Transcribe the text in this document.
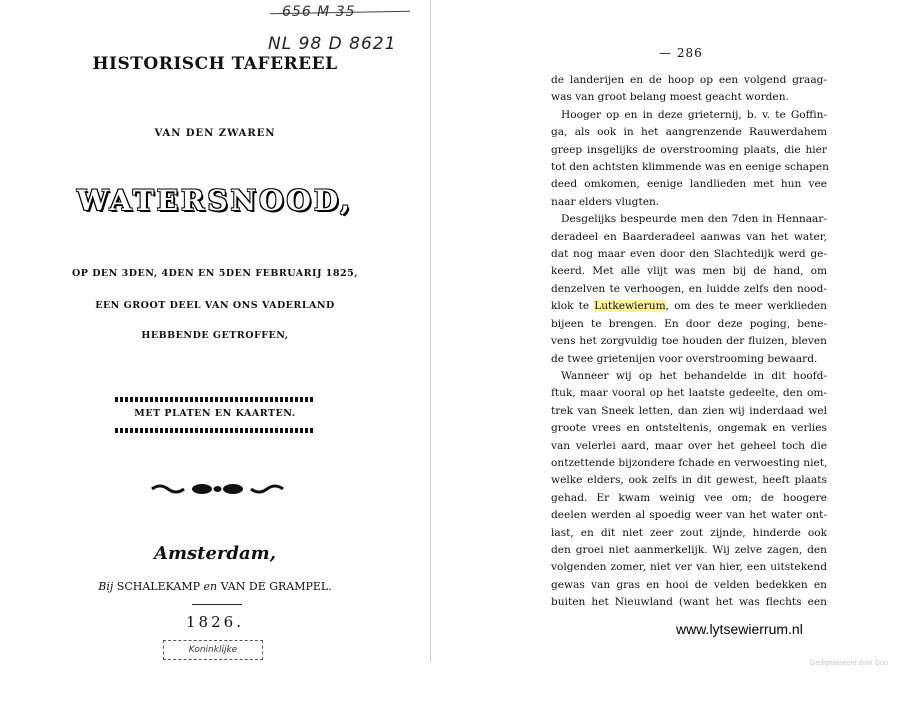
656 M 35
NL 98 D 8621
HISTORISCH TAFEREEL
VAN DEN ZWAREN
WATERSNOOD,
OP DEN 3DEN, 4DEN EN 5DEN FEBRUARIJ 1825,
EEN GROOT DEEL VAN ONS VADERLAND
HEBBENDE GETROFFEN,
MET PLATEN EN KAARTEN.
Amsterdam,
Bij SCHALEKAMP en VAN DE GRAMPEL.
1826.
Koninklijke
— 286
de landerijen en de hoop op een volgend graag-
was van groot belang moest geacht worden.
Hooger op en in deze grieternij, b. v. te Goffin-
ga, als ook in het aangrenzende Rauwerdahem
greep insgelijks de overstrooming plaats, die hier
tot den achtsten klimmende was en eenige schapen
deed omkomen, eenige landlieden met hun vee
naar elders vlugten.
Desgelijks bespeurde men den 7den in Hennaar-
deradeel en Baarderadeel aanwas van het water,
dat nog maar even door den Slachtedijk werd ge-
keerd. Met alle vlijt was men bij de hand, om
denzelven te verhoogen, en luidde zelfs den nood-
klok te Lutkewierum, om des te meer werklieden
bijeen te brengen. En door deze poging, bene-
vens het zorgvuldig toe houden der fluizen, bleven
de twee grietenijen voor overstrooming bewaard.
Wanneer wij op het behandelde in dit hoofd-
ftuk, maar vooral op het laatste gedeelte, den om-
trek van Sneek letten, dan zien wij inderdaad wel
groote vrees en ontsteltenis, ongemak en verlies
van velerlei aard, maar over het geheel toch die
ontzettende bijzondere fchade en verwoesting niet,
welke elders, ook zelfs in dit gewest, heeft plaats
gehad. Er kwam weinig vee om; de hoogere
deelen werden al spoedig weer van het water ont-
last, en dit niet zeer zout zijnde, hinderde ook
den groei niet aanmerkelijk. Wij zelve zagen, den
volgenden zomer, niet ver van hier, een uitstekend
gewas van gras en hooi de velden bedekken en
buiten het Nieuwland (want het was flechts een
www.lytsewierrum.nl
Gedigitaliseerd door Goo
